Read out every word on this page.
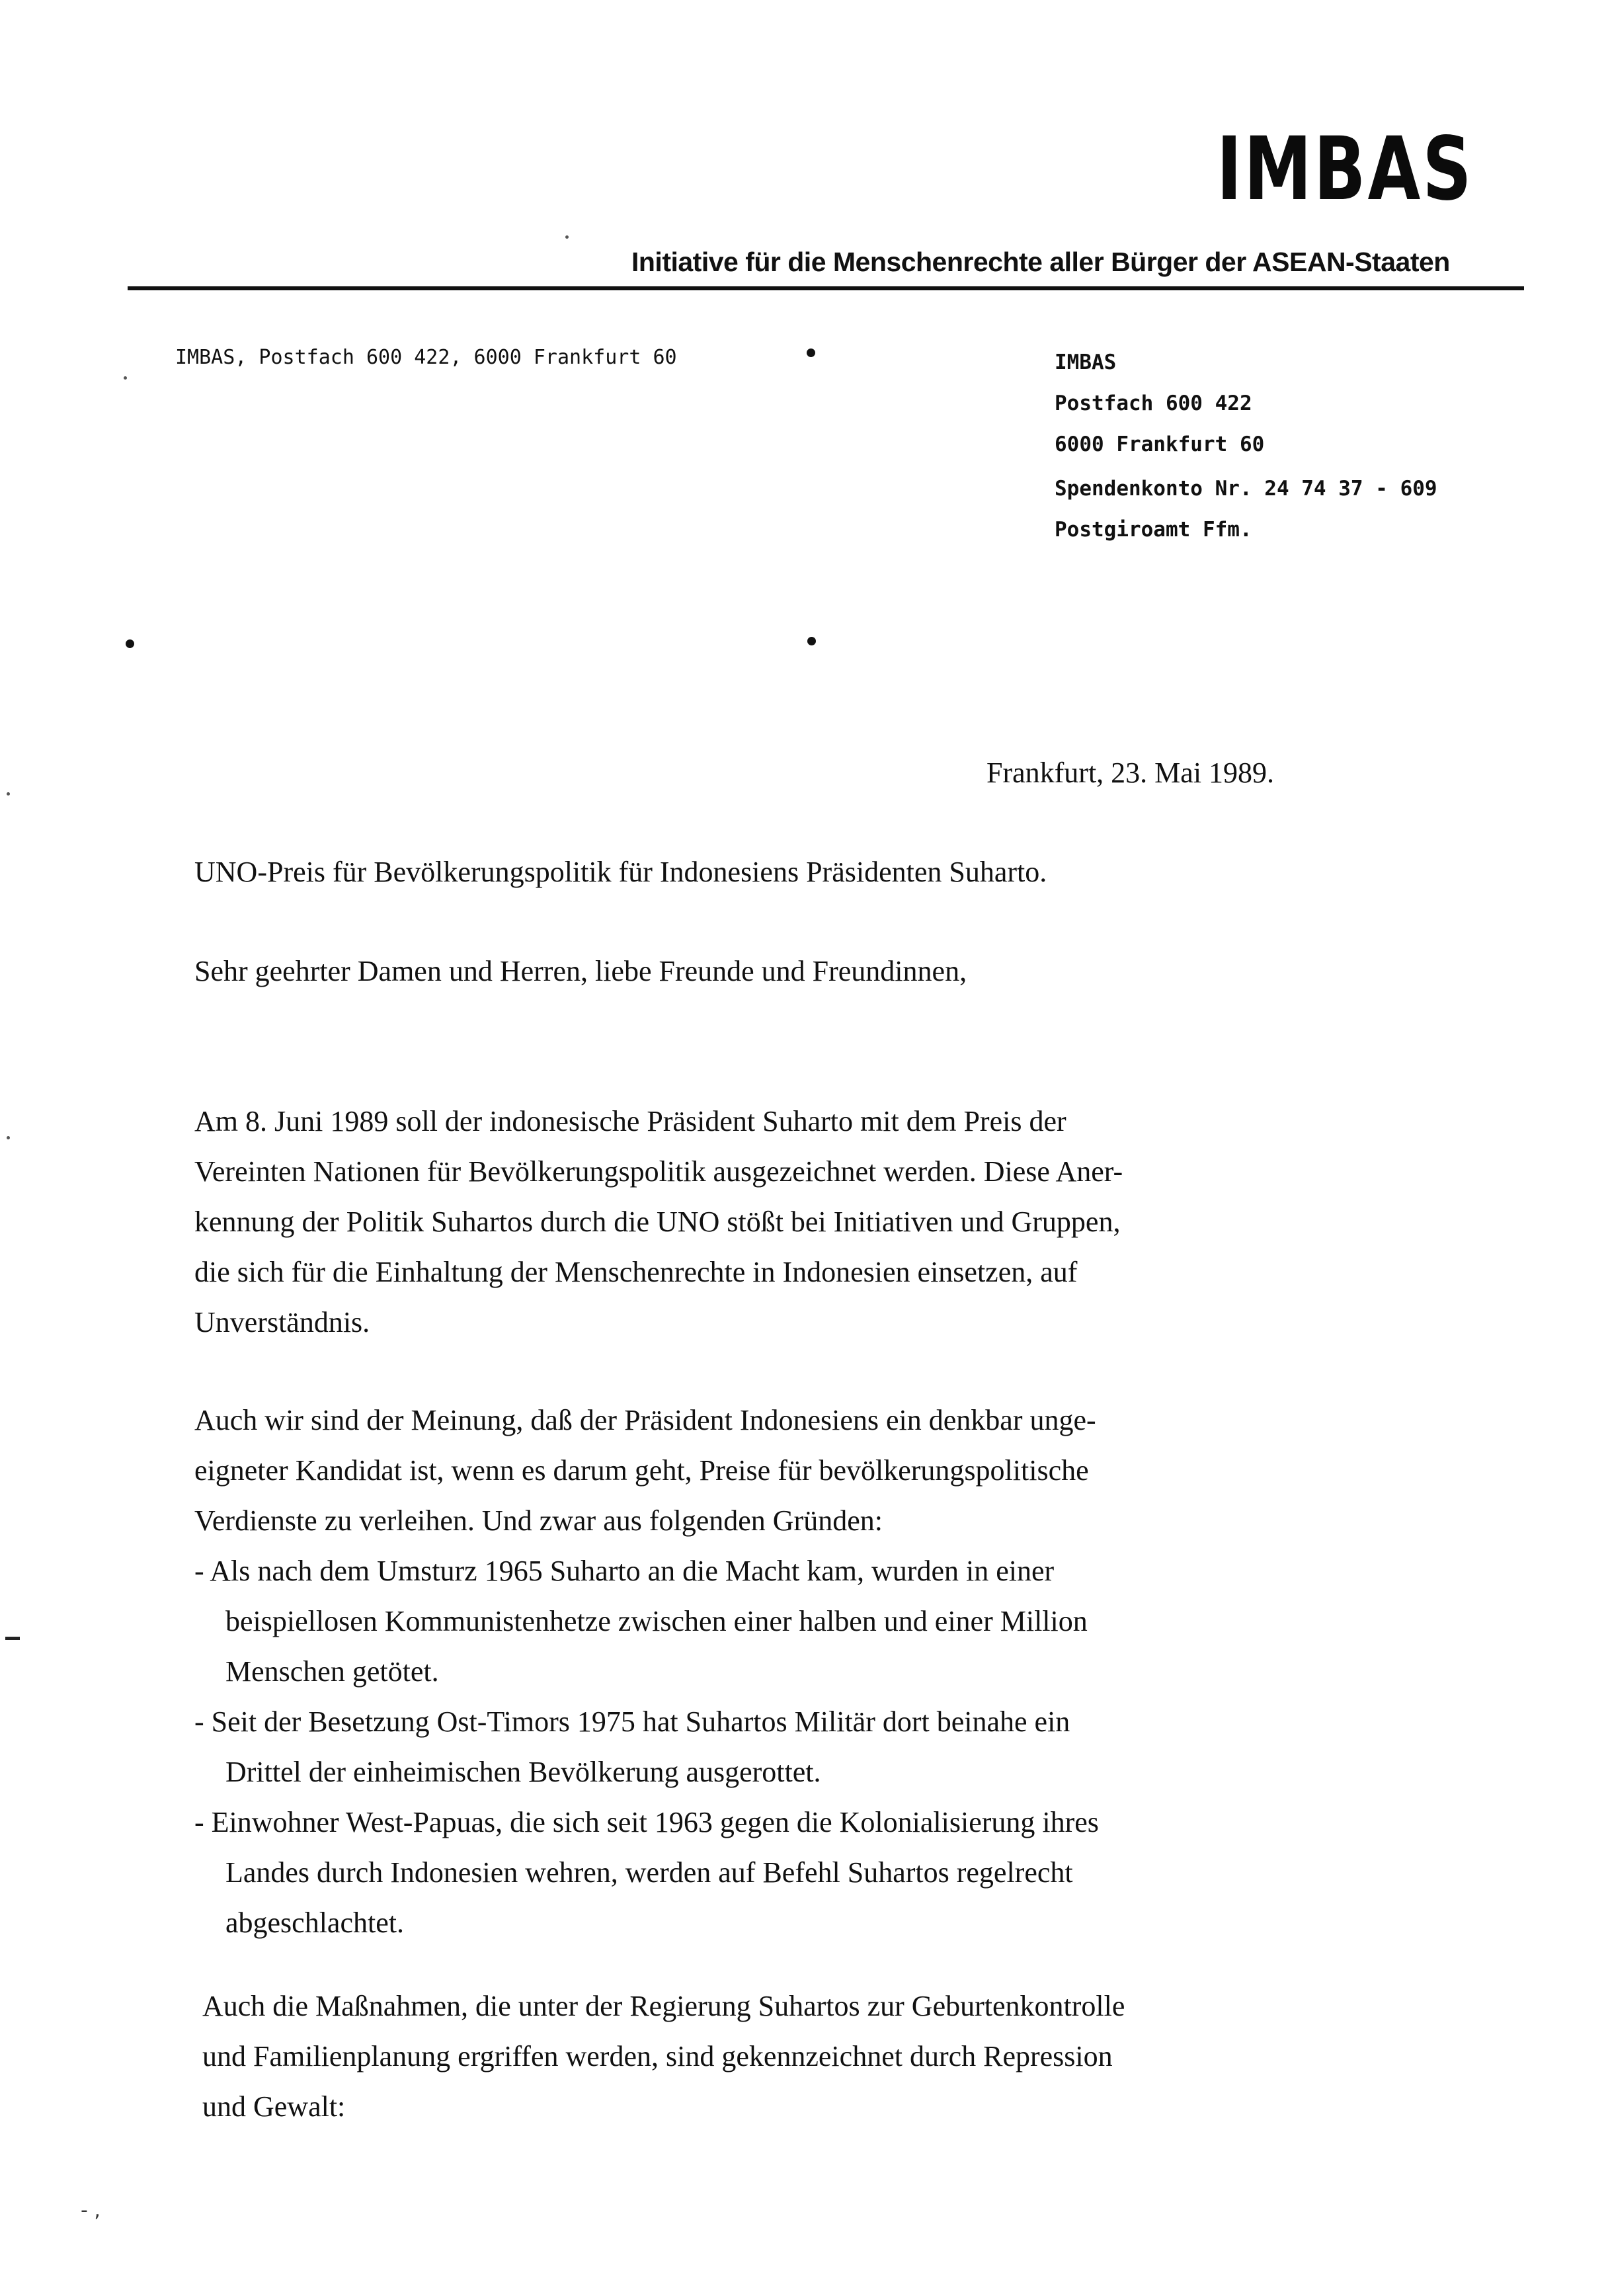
IMBAS
Initiative für die Menschenrechte aller Bürger der ASEAN-Staaten
IMBAS, Postfach 600 422, 6000 Frankfurt 60	IMBAS
Postfach 600 422
6000 Frankfurt 60
Spendenkonto Nr. 24 74 37 - 609
Postgiroamt Ffm.
Frankfurt, 23. Mai 1989.
UNO-Preis für Bevölkerungspolitik für Indonesiens Präsidenten Suharto.
Sehr geehrter Damen und Herren, liebe Freunde und Freundinnen,
Am 8. Juni 1989 soll der indonesische Präsident Suharto mit dem Preis der
Vereinten Nationen für Bevölkerungspolitik ausgezeichnet werden. Diese Aner-
kennung der Politik Suhartos durch die UNO stößt bei Initiativen und Gruppen,
die sich für die Einhaltung der Menschenrechte in Indonesien einsetzen, auf
Unverständnis.
Auch wir sind der Meinung, daß der Präsident Indonesiens ein denkbar unge-
eigneter Kandidat ist, wenn es darum geht, Preise für bevölkerungspolitische
Verdienste zu verleihen. Und zwar aus folgenden Gründen:
- Als nach dem Umsturz 1965 Suharto an die Macht kam, wurden in einer
beispiellosen Kommunistenhetze zwischen einer halben und einer Million
Menschen getötet.
- Seit der Besetzung Ost-Timors 1975 hat Suhartos Militär dort beinahe ein
Drittel der einheimischen Bevölkerung ausgerottet.
- Einwohner West-Papuas, die sich seit 1963 gegen die Kolonialisierung ihres
Landes durch Indonesien wehren, werden auf Befehl Suhartos regelrecht
abgeschlachtet.
Auch die Maßnahmen, die unter der Regierung Suhartos zur Geburtenkontrolle
und Familienplanung ergriffen werden, sind gekennzeichnet durch Repression
und Gewalt:
- ,
